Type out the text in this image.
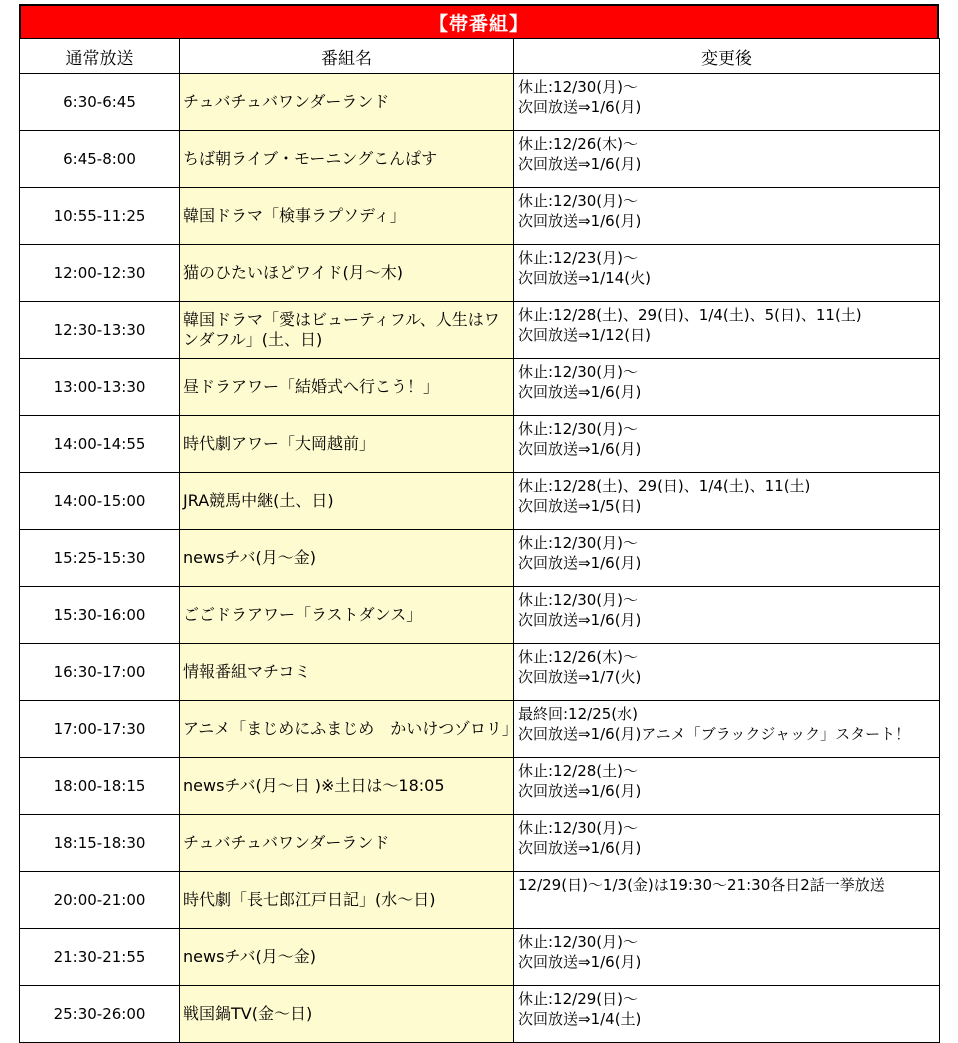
【帯番組】
通常放送	番組名	変更後
6:30-6:45	チュバチュバワンダーランド	休止:12/30(月)～
次回放送⇒1/6(月)

6:45-8:00	ちば朝ライブ・モーニングこんぱす	休止:12/26(木)～
次回放送⇒1/6(月)

10:55-11:25	韓国ドラマ「検事ラプソディ」	休止:12/30(月)～
次回放送⇒1/6(月)

12:00-12:30	猫のひたいほどワイド(月～木)	休止:12/23(月)～
次回放送⇒1/14(火)

12:30-13:30	韓国ドラマ「愛はビューティフル、人生はワンダフル」(土、日)	休止:12/28(土)、29(日)、1/4(土)、5(日)、11(土)
次回放送⇒1/12(日)

13:00-13:30	昼ドラアワー「結婚式へ行こう！」	休止:12/30(月)～
次回放送⇒1/6(月)

14:00-14:55	時代劇アワー「大岡越前」	休止:12/30(月)～
次回放送⇒1/6(月)

14:00-15:00	JRA競馬中継(土、日)	休止:12/28(土)、29(日)、1/4(土)、11(土)
次回放送⇒1/5(日)

15:25-15:30	newsチバ(月～金)	休止:12/30(月)～
次回放送⇒1/6(月)

15:30-16:00	ごごドラアワー「ラストダンス」	休止:12/30(月)～
次回放送⇒1/6(月)

16:30-17:00	情報番組マチコミ	休止:12/26(木)～
次回放送⇒1/7(火)

17:00-17:30	アニメ「まじめにふまじめ　かいけつゾロリ」	最終回:12/25(水)
次回放送⇒1/6(月)アニメ「ブラックジャック」スタート！

18:00-18:15	newsチバ(月～日 )※土日は～18:05	休止:12/28(土)～
次回放送⇒1/6(月)

18:15-18:30	チュバチュバワンダーランド	休止:12/30(月)～
次回放送⇒1/6(月)

20:00-21:00	時代劇「長七郎江戸日記」(水～日)	12/29(日)～1/3(金)は19:30～21:30各日2話一挙放送

21:30-21:55	newsチバ(月～金)	休止:12/30(月)～
次回放送⇒1/6(月)

25:30-26:00	戦国鍋TV(金～日)	休止:12/29(日)～
次回放送⇒1/4(土)
